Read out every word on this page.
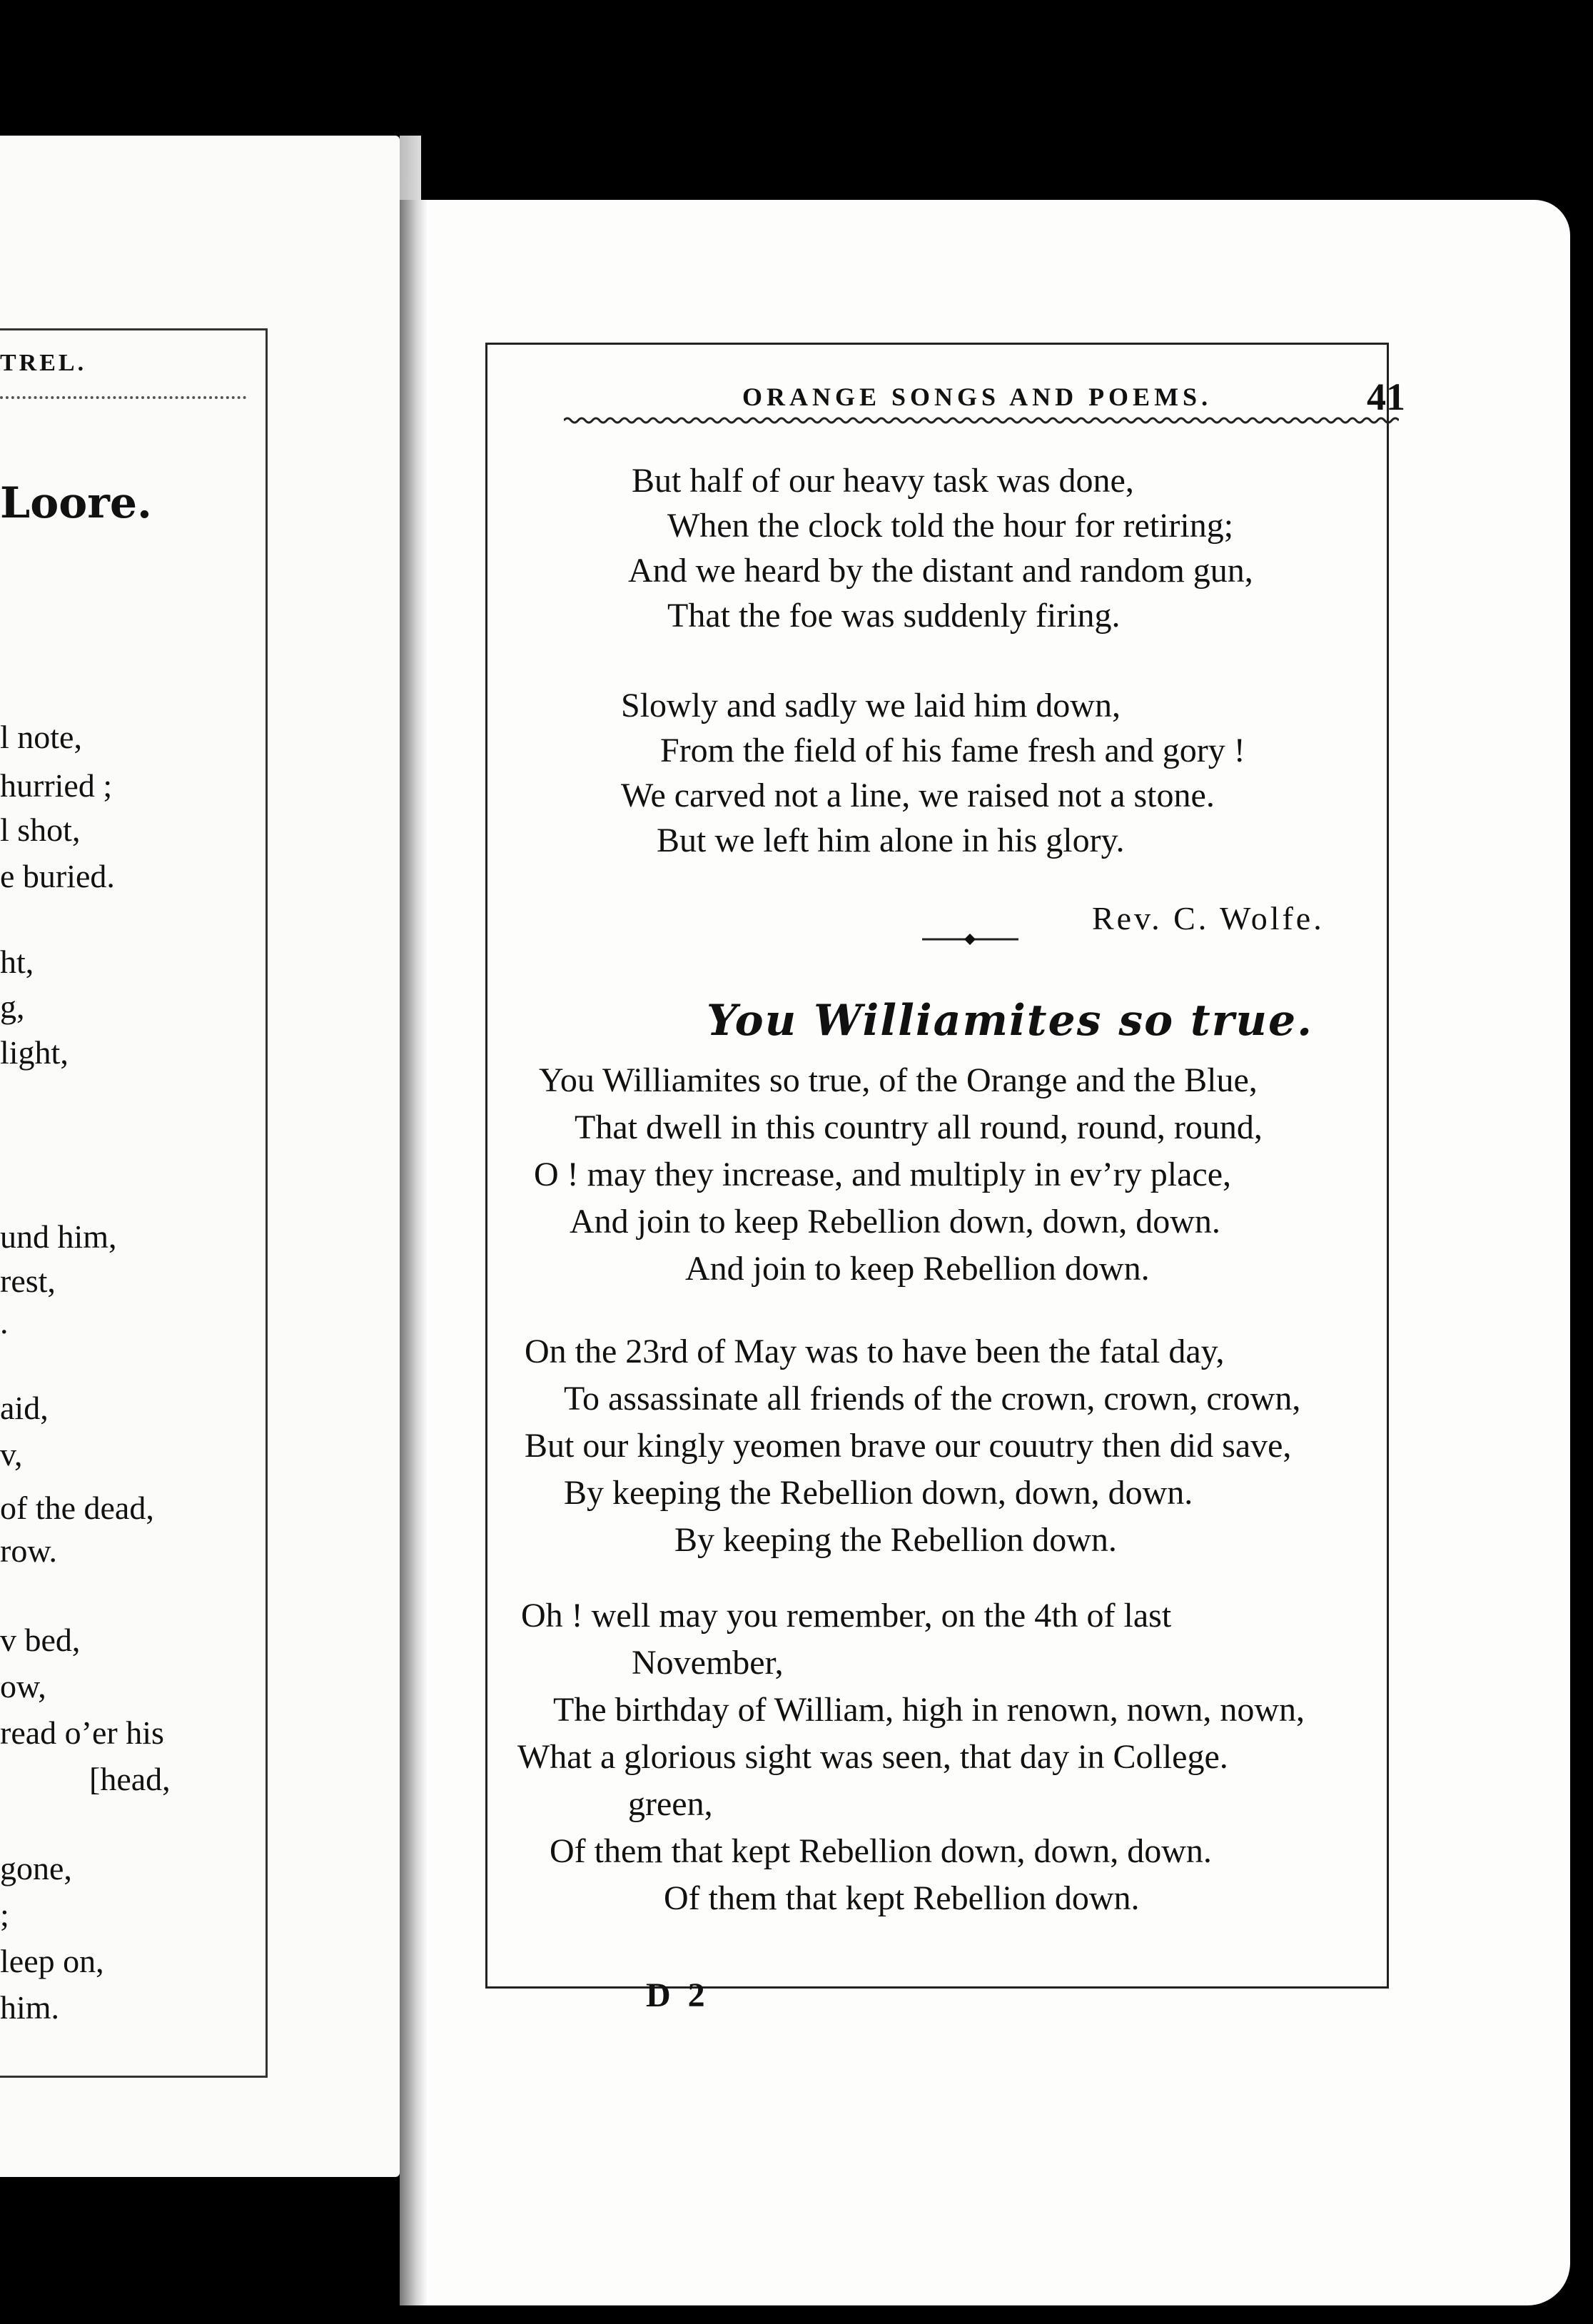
TREL.
Loore.
l note,
hurried ;
l shot,
e buried.
ht,
g,
light,
und him,
rest,
.
aid,
v,
of the dead,
row.
v bed,
ow,
read o’er his
[head,
gone,
;
leep on,
him.
ORANGE SONGS AND POEMS.	41
But half of our heavy task was done,
When the clock told the hour for retiring;
And we heard by the distant and random gun,
That the foe was suddenly firing.
Slowly and sadly we laid him down,
From the field of his fame fresh and gory !
We carved not a line, we raised not a stone.
But we left him alone in his glory.
Rev. C. Wolfe.
You Williamites so true.
You Williamites so true, of the Orange and the Blue,
That dwell in this country all round, round, round,
O ! may they increase, and multiply in ev’ry place,
And join to keep Rebellion down, down, down.
And join to keep Rebellion down.
On the 23rd of May was to have been the fatal day,
To assassinate all friends of the crown, crown, crown,
But our kingly yeomen brave our couutry then did save,
By keeping the Rebellion down, down, down.
By keeping the Rebellion down.
Oh ! well may you remember, on the 4th of last
November,
The birthday of William, high in renown, nown, nown,
What a glorious sight was seen, that day in College.
green,
Of them that kept Rebellion down, down, down.
Of them that kept Rebellion down.
D 2
